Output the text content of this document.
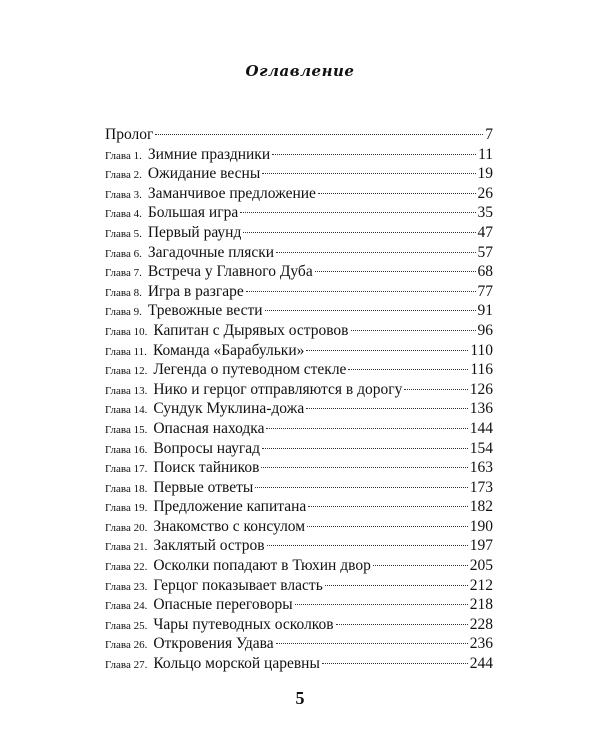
Оглавление
Пролог	7
Глава 1. Зимние праздники	11
Глава 2. Ожидание весны	19
Глава 3. Заманчивое предложение	26
Глава 4. Большая игра	35
Глава 5. Первый раунд	47
Глава 6. Загадочные пляски	57
Глава 7. Встреча у Главного Дуба	68
Глава 8. Игра в разгаре	77
Глава 9. Тревожные вести	91
Глава 10. Капитан с Дырявых островов	96
Глава 11. Команда «Барабульки»	110
Глава 12. Легенда о путеводном стекле	116
Глава 13. Нико и герцог отправляются в дорогу	126
Глава 14. Сундук Муклина-дожа	136
Глава 15. Опасная находка	144
Глава 16. Вопросы наугад	154
Глава 17. Поиск тайников	163
Глава 18. Первые ответы	173
Глава 19. Предложение капитана	182
Глава 20. Знакомство с консулом	190
Глава 21. Заклятый остров	197
Глава 22. Осколки попадают в Тюхин двор	205
Глава 23. Герцог показывает власть	212
Глава 24. Опасные переговоры	218
Глава 25. Чары путеводных осколков	228
Глава 26. Откровения Удава	236
Глава 27. Кольцо морской царевны	244
5
